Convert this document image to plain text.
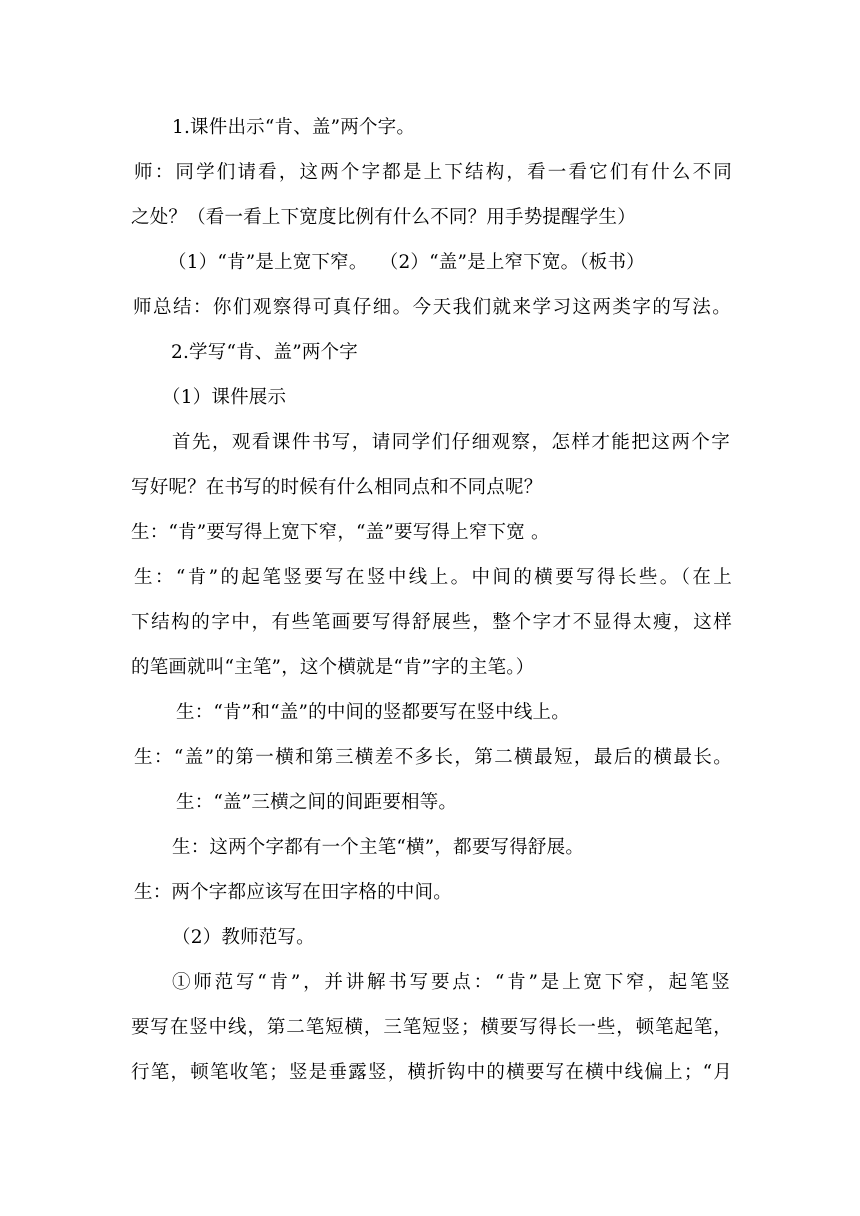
1.课件出示“肯、盖”两个字。
师：同学们请看，这两个字都是上下结构，看一看它们有什么不同
之处？（看一看上下宽度比例有什么不同？用手势提醒学生）
（1）“肯”是上宽下窄。  （2）“盖”是上窄下宽。（板书）
师总结：你们观察得可真仔细。今天我们就来学习这两类字的写法。
2.学写“肯、盖”两个字
（1）课件展示
首先，观看课件书写，请同学们仔细观察，怎样才能把这两个字
写好呢？在书写的时候有什么相同点和不同点呢？
生：“肯”要写得上宽下窄，“盖”要写得上窄下宽 。
生：“肯”的起笔竖要写在竖中线上。中间的横要写得长些。（在上
下结构的字中，有些笔画要写得舒展些，整个字才不显得太瘦，这样
的笔画就叫“主笔”，这个横就是“肯”字的主笔。）
生：“肯”和“盖”的中间的竖都要写在竖中线上。
生：“盖”的第一横和第三横差不多长，第二横最短，最后的横最长。
生：“盖”三横之间的间距要相等。
生：这两个字都有一个主笔“横”，都要写得舒展。
生：两个字都应该写在田字格的中间。
（2）教师范写。
①师范写“肯”，并讲解书写要点：“肯”是上宽下窄，起笔竖
要写在竖中线，第二笔短横，三笔短竖；横要写得长一些，顿笔起笔，
行笔，顿笔收笔；竖是垂露竖，横折钩中的横要写在横中线偏上；“月
